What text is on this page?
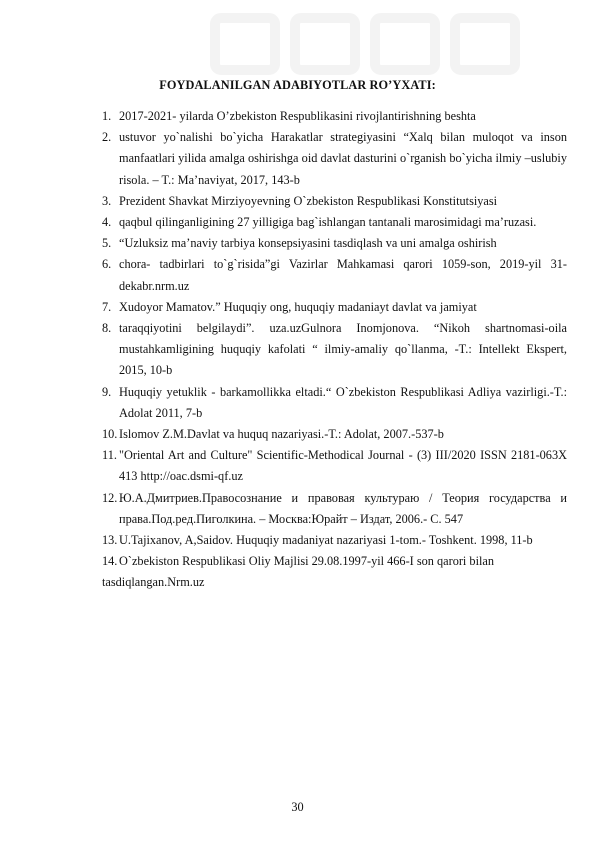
FOYDALANILGAN ADABIYOTLAR RO’YXATI:
1. 2017-2021- yilarda O’zbekiston Respublikasini rivojlantirishning beshta
2. ustuvor yo`nalishi bo`yicha Harakatlar strategiyasini “Xalq bilan muloqot va inson manfaatlari yilida amalga oshirishga oid davlat dasturini o`rganish bo`yicha ilmiy –uslubiy risola. – T.: Ma’naviyat, 2017, 143-b
3. Prezident Shavkat Mirziyoyevning O`zbekiston Respublikasi Konstitutsiyasi
4. qaqbul qilinganligining 27 yilligiga bag`ishlangan tantanali marosimidagi ma’ruzasi.
5. “Uzluksiz ma’naviy tarbiya konsepsiyasini tasdiqlash va uni amalga oshirish
6. chora- tadbirlari to`g`risida”gi Vazirlar Mahkamasi qarori 1059-son, 2019-yil 31-dekabr.nrm.uz
7. Xudoyor Mamatov.” Huquqiy ong, huquqiy madaniayt davlat va jamiyat
8. taraqqiyotini belgilaydi”. uza.uzGulnora Inomjonova. “Nikoh shartnomasi-oila mustahkamligining huquqiy kafolati “ ilmiy-amaliy qo`llanma, -T.: Intellekt Ekspert, 2015, 10-b
9. Huquqiy yetuklik - barkamollikka eltadi.“ O`zbekiston Respublikasi Adliya vazirligi.-T.: Adolat 2011, 7-b
10. Islomov Z.M.Davlat va huquq nazariyasi.-T.: Adolat, 2007.-537-b
11. "Oriental Art and Culture" Scientific-Methodical Journal - (3) III/2020 ISSN 2181-063X 413 http://oac.dsmi-qf.uz
12. Ю.А.Дмитриев.Правосознание и правовая культураю / Теория государства и права.Под.ред.Пиголкина. – Москва:Юрайт – Издат, 2006.- С. 547
13. U.Tajixanov, A,Saidov. Huquqiy madaniyat nazariyasi 1-tom.- Toshkent. 1998, 11-b
14. O`zbekiston Respublikasi Oliy Majlisi 29.08.1997-yil 466-I son qarori bilan
tasdiqlangan.Nrm.uz
30
